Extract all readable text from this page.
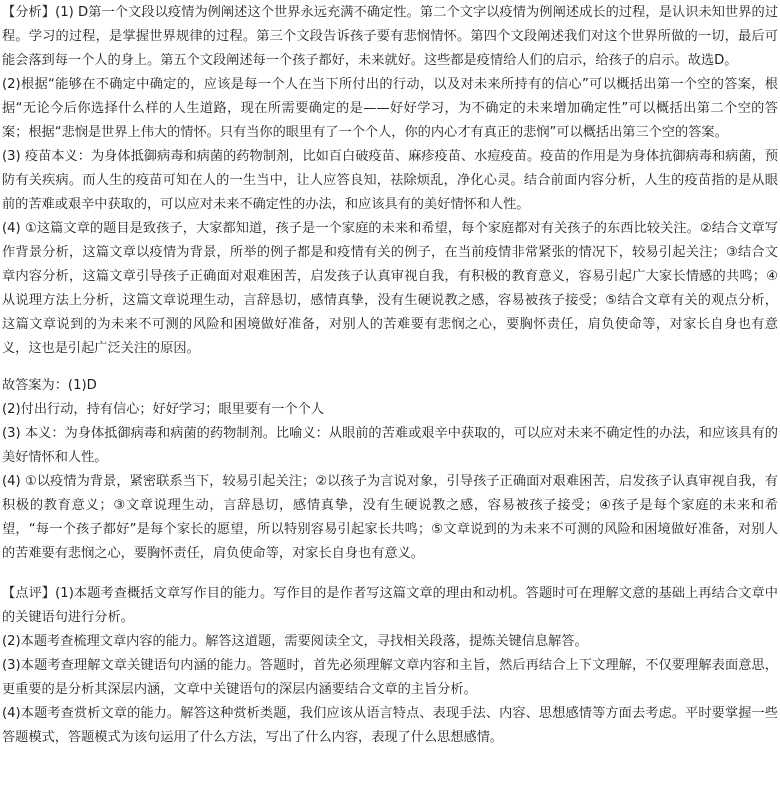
【分析】(1) D第一个文段以疫情为例阐述这个世界永远充满不确定性。第二个文字以疫情为例阐述成长的过程，是认识未知世界的过程。学习的过程，是掌握世界规律的过程。第三个文段告诉孩子要有悲悯情怀。第四个文段阐述我们对这个世界所做的一切，最后可能会落到每一个人的身上。第五个文段阐述每一个孩子都好，未来就好。这些都是疫情给人们的启示，给孩子的启示。故选D。

(2)根据“能够在不确定中确定的，应该是每一个人在当下所付出的行动，以及对未来所持有的信心”可以概括出第一个空的答案，根据“无论今后你选择什么样的人生道路，现在所需要确定的是——好好学习，为不确定的未来增加确定性”可以概括出第二个空的答案；根据“悲悯是世界上伟大的情怀。只有当你的眼里有了一个个人，你的内心才有真正的悲悯”可以概括出第三个空的答案。

(3) 疫苗本义：为身体抵御病毒和病菌的药物制剂，比如百白破疫苗、麻疹疫苗、水痘疫苗。疫苗的作用是为身体抗御病毒和病菌，预防有关疾病。而人生的疫苗可知在人的一生当中，让人应答良知，祛除烦乱，净化心灵。结合前面内容分析，人生的疫苗指的是从眼前的苦难或艰辛中获取的，可以应对未来不确定性的办法，和应该具有的美好情怀和人性。

(4) ①这篇文章的题目是致孩子，大家都知道，孩子是一个家庭的未来和希望，每个家庭都对有关孩子的东西比较关注。②结合文章写作背景分析，这篇文章以疫情为背景，所举的例子都是和疫情有关的例子，在当前疫情非常紧张的情况下，较易引起关注；③结合文章内容分析，这篇文章引导孩子正确面对艰难困苦，启发孩子认真审视自我，有积极的教育意义，容易引起广大家长情感的共鸣；④从说理方法上分析，这篇文章说理生动，言辞恳切，感情真挚，没有生硬说教之感，容易被孩子接受；⑤结合文章有关的观点分析，这篇文章说到的为未来不可测的风险和困境做好准备，对别人的苦难要有悲悯之心，要胸怀责任，肩负使命等，对家长自身也有意义，这也是引起广泛关注的原因。

故答案为：(1)D

(2)付出行动，持有信心；好好学习；眼里要有一个个人

(3) 本义：为身体抵御病毒和病菌的药物制剂。比喻义：从眼前的苦难或艰辛中获取的，可以应对未来不确定性的办法，和应该具有的美好情怀和人性。

(4) ①以疫情为背景，紧密联系当下，较易引起关注；②以孩子为言说对象，引导孩子正确面对艰难困苦，启发孩子认真审视自我，有积极的教育意义；③文章说理生动，言辞恳切，感情真挚，没有生硬说教之感，容易被孩子接受；④孩子是每个家庭的未来和希望，“每一个孩子都好”是每个家长的愿望，所以特别容易引起家长共鸣；⑤文章说到的为未来不可测的风险和困境做好准备，对别人的苦难要有悲悯之心，要胸怀责任，肩负使命等，对家长自身也有意义。

【点评】(1)本题考查概括文章写作目的能力。写作目的是作者写这篇文章的理由和动机。答题时可在理解文意的基础上再结合文章中的关键语句进行分析。

(2)本题考查梳理文章内容的能力。解答这道题，需要阅读全文，寻找相关段落，提炼关键信息解答。

(3)本题考查理解文章关键语句内涵的能力。答题时，首先必须理解文章内容和主旨，然后再结合上下文理解，不仅要理解表面意思，更重要的是分析其深层内涵，文章中关键语句的深层内涵要结合文章的主旨分析。

(4)本题考查赏析文章的能力。解答这种赏析类题，我们应该从语言特点、表现手法、内容、思想感情等方面去考虑。平时要掌握一些答题模式，答题模式为该句运用了什么方法，写出了什么内容，表现了什么思想感情。
